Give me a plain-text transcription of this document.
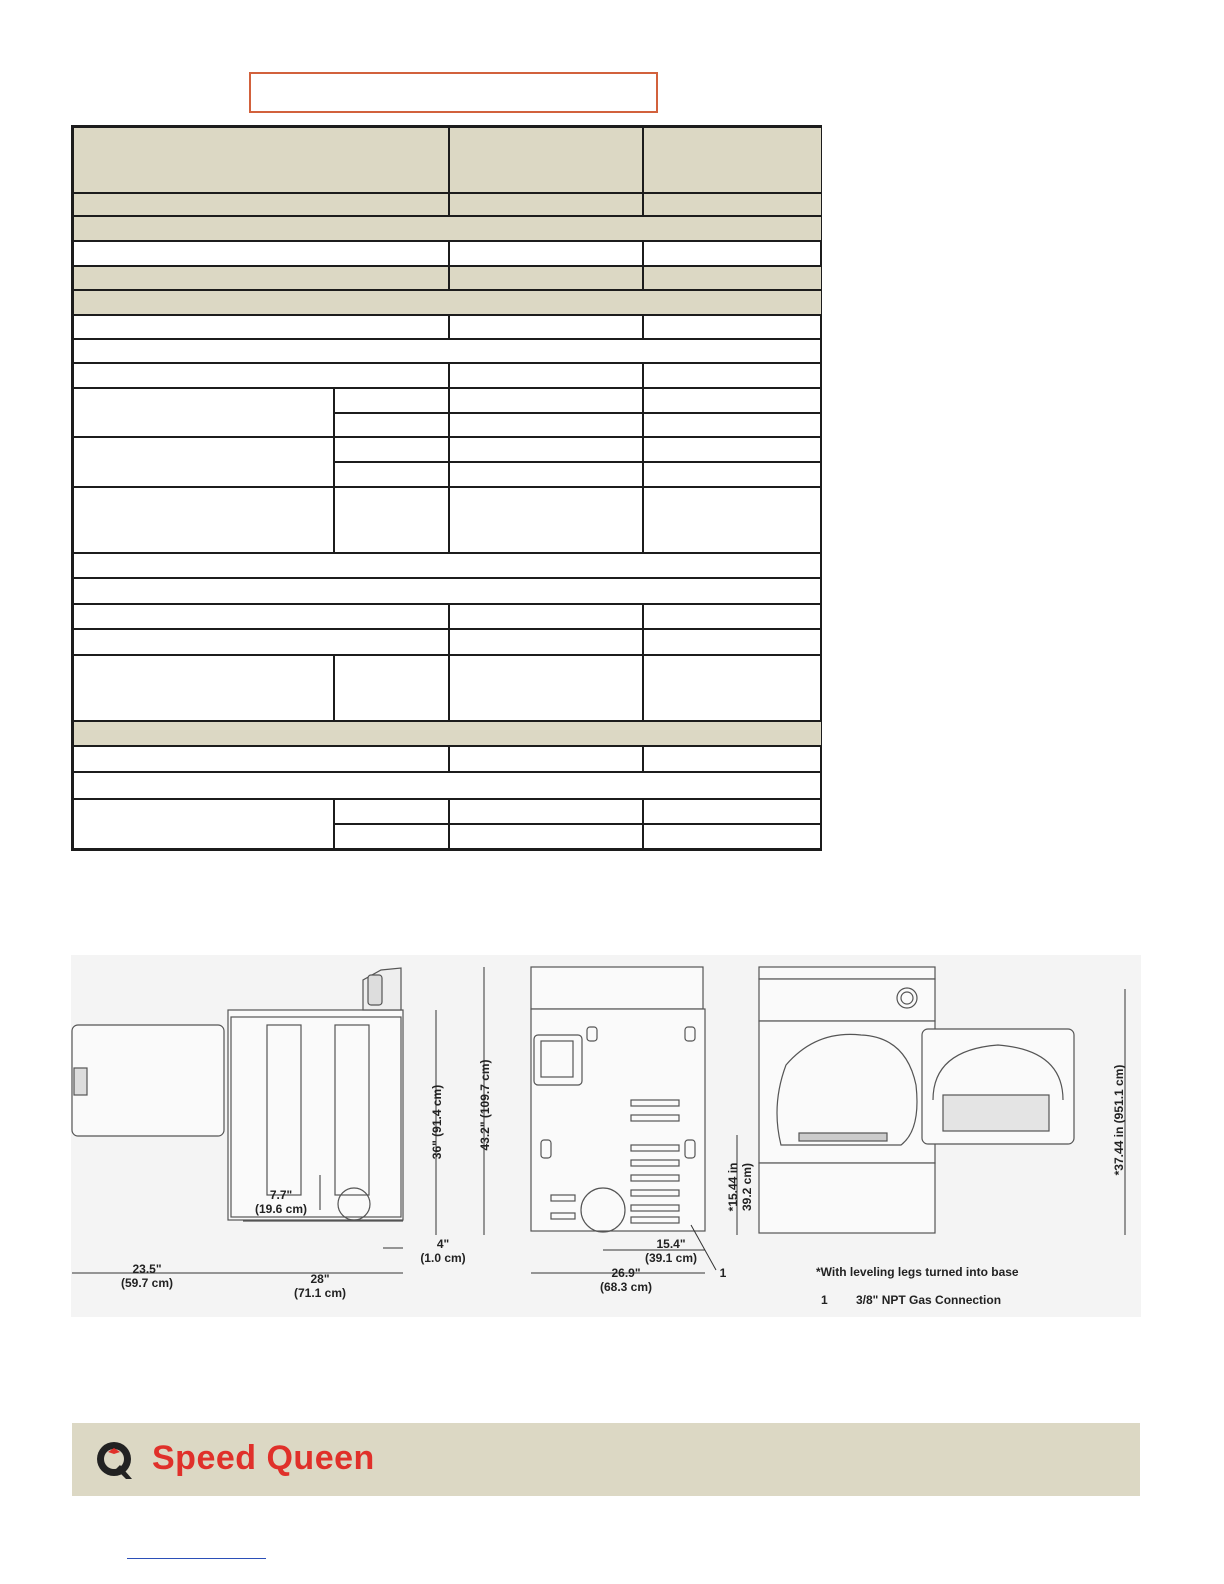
23.5"
(59.7 cm)	28"
(71.1 cm)
7.7"
(19.6 cm)
36" (91.4 cm)	43.2" (109.7 cm)
4"
(1.0 cm)
26.9"
(68.3 cm)
15.4"
(39.1 cm)
1
*15.44 in 39.2 cm)
*37.44 in (951.1 cm)
*With leveling legs turned into base
1 3/8" NPT Gas Connection
Speed Queen
